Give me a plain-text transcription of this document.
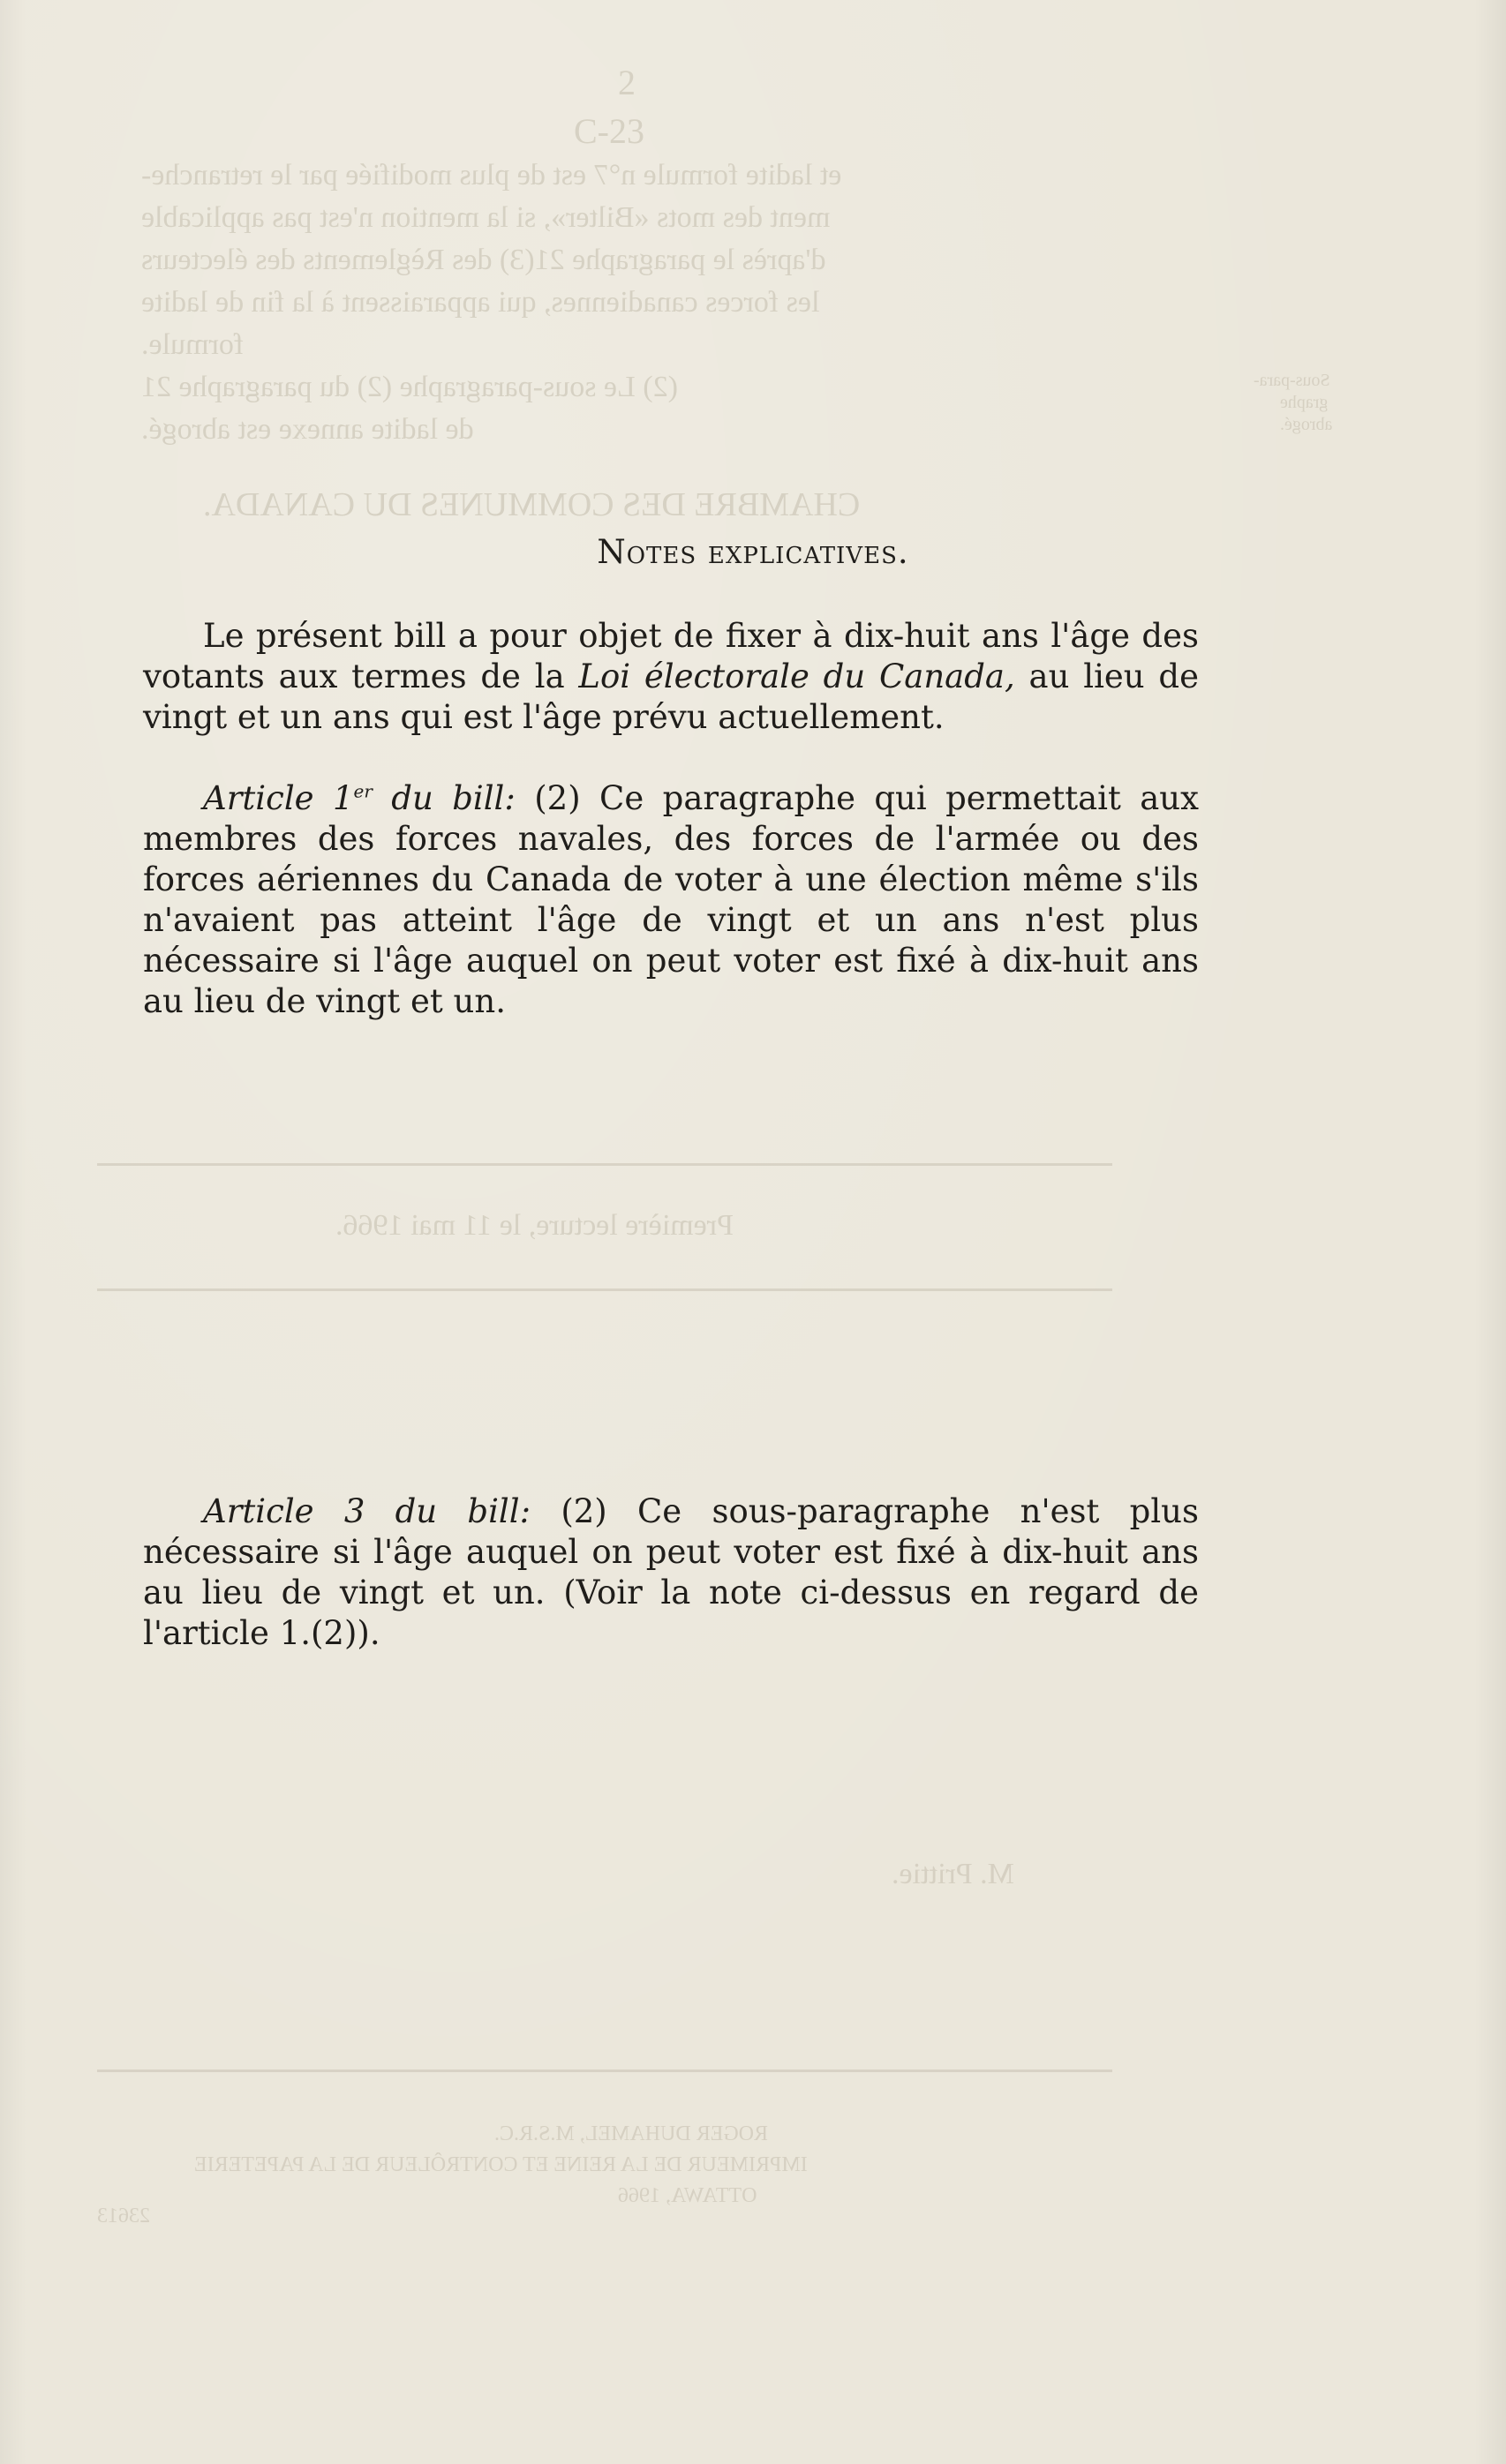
2
C-23
et ladite formule n°7 est de plus modifiée par le retranche-
ment des mots «Bilter», si la mention n'est pas applicable
d'après le paragraphe 21(3) des Règlements des électeurs
les forces canadiennes, qui apparaissent à la fin de ladite
formule.
(2) Le sous-paragraphe (2) du paragraphe 21
de ladite annexe est abrogé.
CHAMBRE DES COMMUNES DU CANADA.
Première lecture, le 11 mai 1966.
M. Prittie.
ROGER DUHAMEL, M.S.R.C.
IMPRIMEUR DE LA REINE ET CONTRÔLEUR DE LA PAPETERIE
OTTAWA, 1966
23613
Sous-para-
graphe
abrogé.
Notes explicatives.
Le présent bill a pour objet de fixer à dix-huit ans l'âge des votants aux termes de la Loi électorale du Canada, au lieu de vingt et un ans qui est l'âge prévu actuellement.
Article 1er du bill: (2) Ce paragraphe qui permettait aux membres des forces navales, des forces de l'armée ou des forces aériennes du Canada de voter à une élection même s'ils n'avaient pas atteint l'âge de vingt et un ans n'est plus nécessaire si l'âge auquel on peut voter est fixé à dix-huit ans au lieu de vingt et un.
Article 3 du bill: (2) Ce sous-paragraphe n'est plus nécessaire si l'âge auquel on peut voter est fixé à dix-huit ans au lieu de vingt et un. (Voir la note ci-dessus en regard de l'article 1.(2)).
